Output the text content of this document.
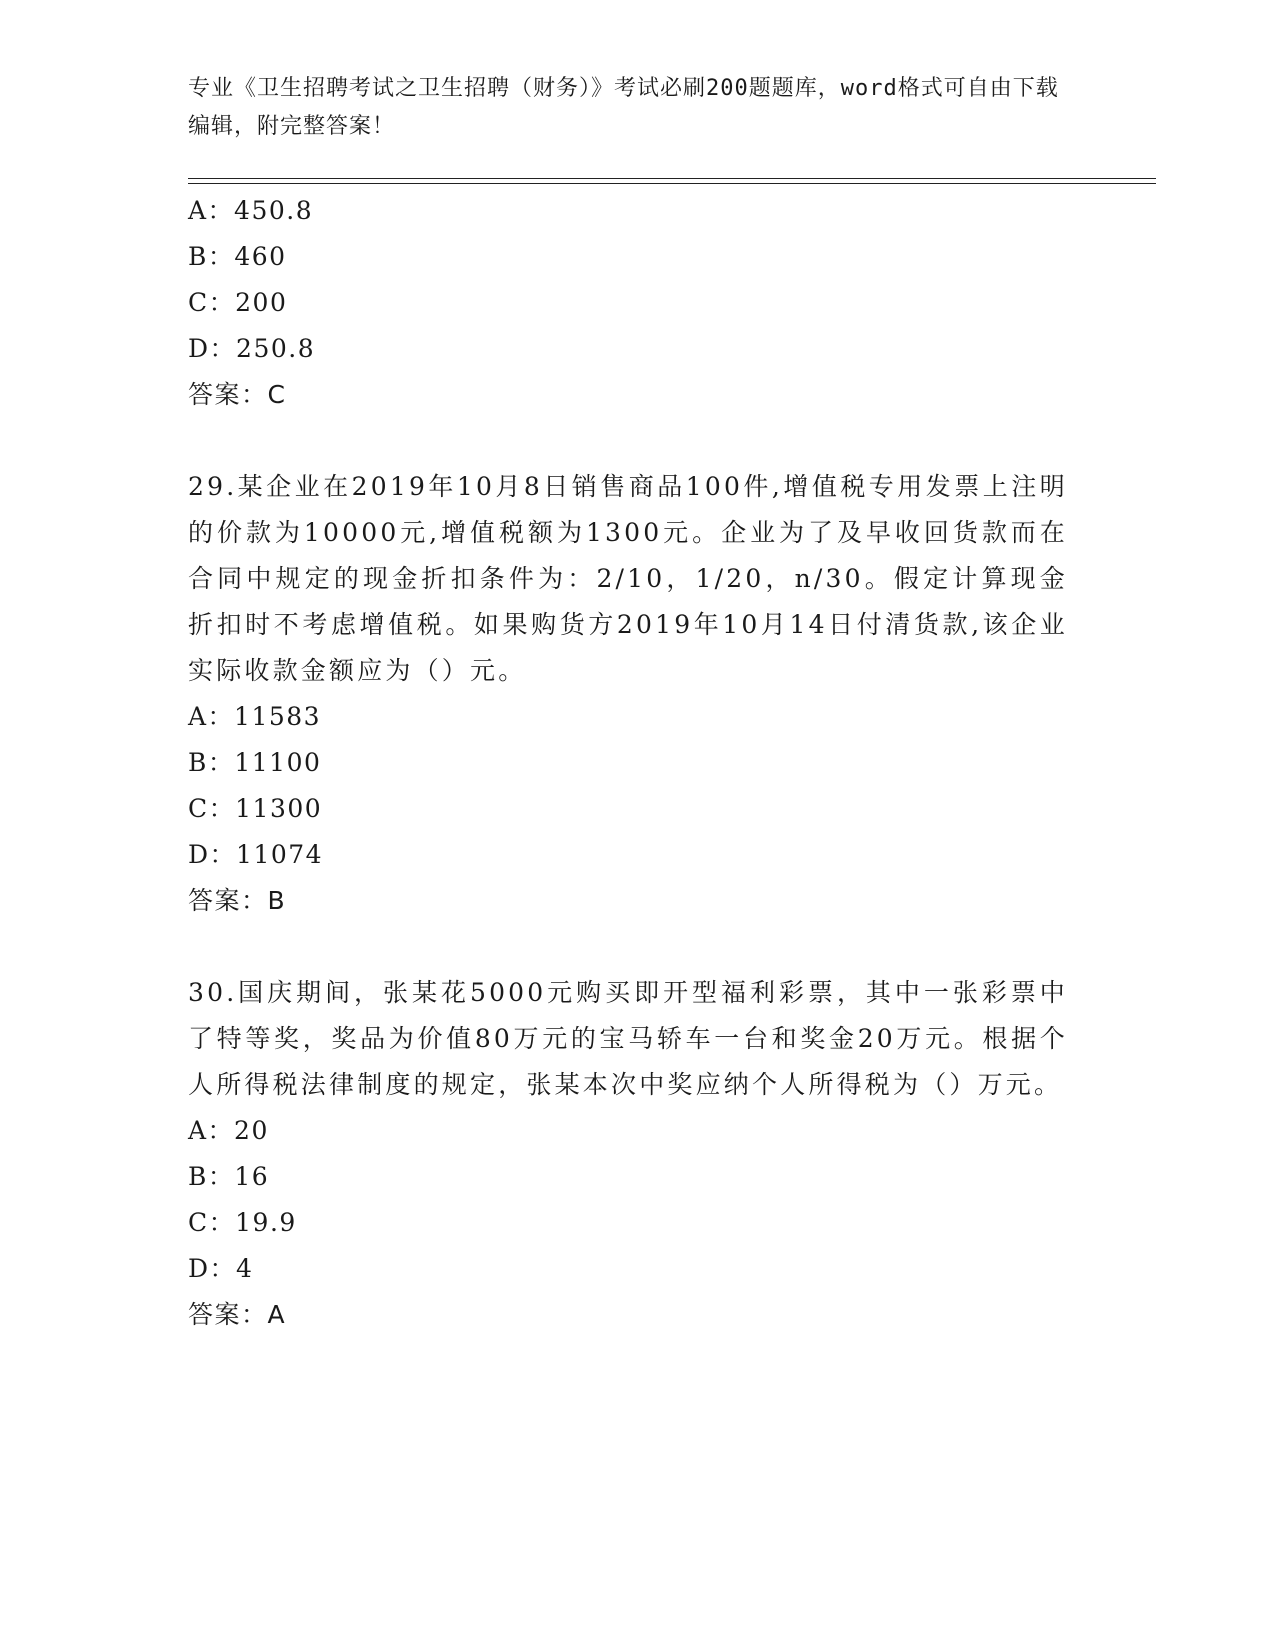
专业《卫生招聘考试之卫生招聘（财务）》考试必刷200题题库，word格式可自由下载编辑，附完整答案！
A：450.8
B：460
C：200
D：250.8
答案：C
29.某企业在2019年10月8日销售商品100件,增值税专用发票上注明的价款为10000元,增值税额为1300元。企业为了及早收回货款而在合同中规定的现金折扣条件为：2/10，1/20，n/30。假定计算现金折扣时不考虑增值税。如果购货方2019年10月14日付清货款,该企业实际收款金额应为（）元。
A：11583
B：11100
C：11300
D：11074
答案：B
30.国庆期间，张某花5000元购买即开型福利彩票，其中一张彩票中了特等奖，奖品为价值80万元的宝马轿车一台和奖金20万元。根据个人所得税法律制度的规定，张某本次中奖应纳个人所得税为（）万元。
A：20
B：16
C：19.9
D：4
答案：A
